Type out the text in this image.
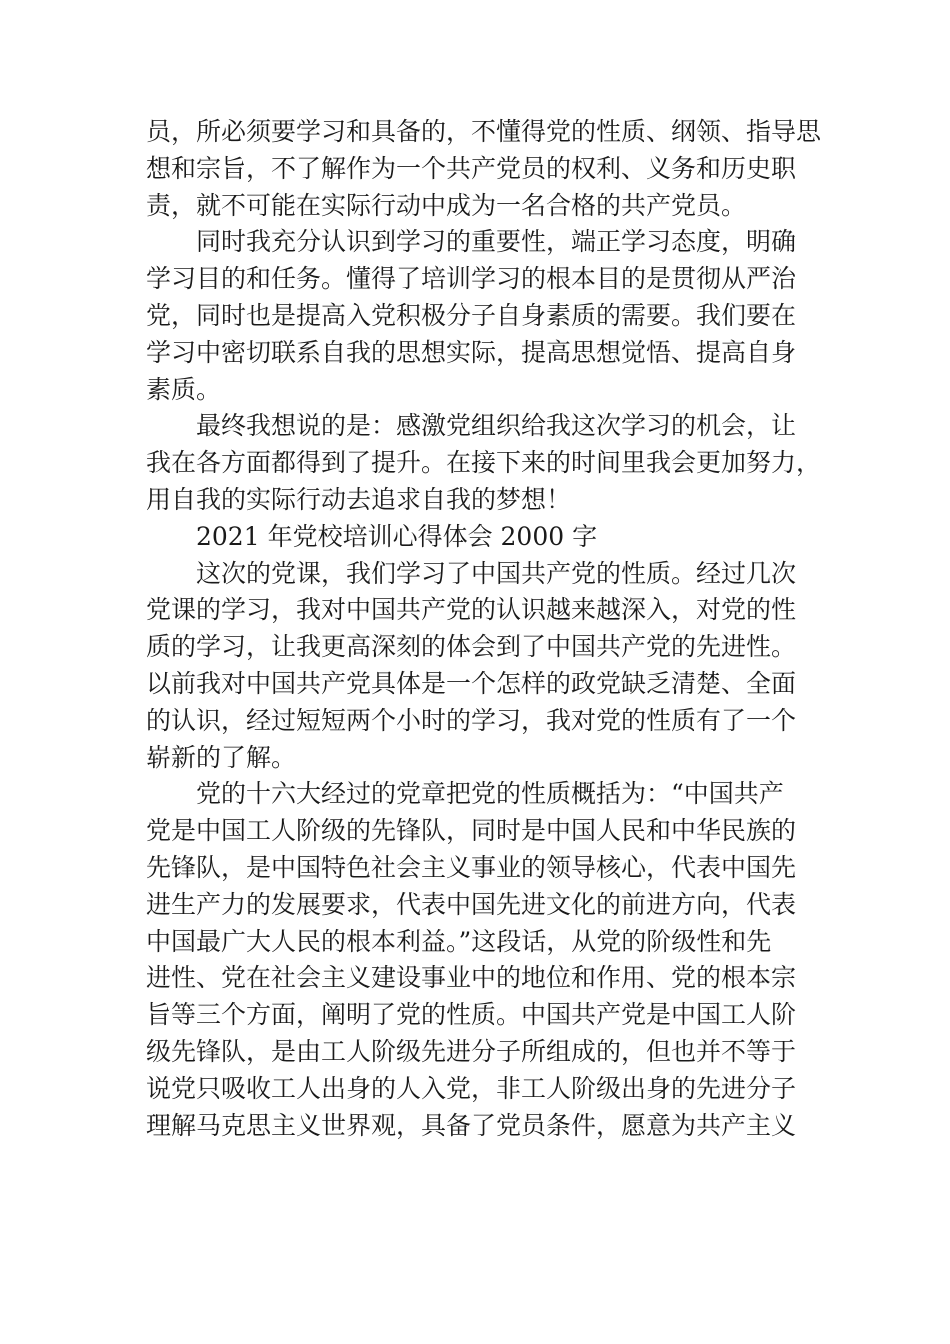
员，所必须要学习和具备的，不懂得党的性质、纲领、指导思
想和宗旨，不了解作为一个共产党员的权利、义务和历史职
责，就不可能在实际行动中成为一名合格的共产党员。
同时我充分认识到学习的重要性，端正学习态度，明确
学习目的和任务。懂得了培训学习的根本目的是贯彻从严治
党，同时也是提高入党积极分子自身素质的需要。我们要在
学习中密切联系自我的思想实际，提高思想觉悟、提高自身
素质。
最终我想说的是：感激党组织给我这次学习的机会，让
我在各方面都得到了提升。在接下来的时间里我会更加努力，
用自我的实际行动去追求自我的梦想！
2021 年党校培训心得体会 2000 字
这次的党课，我们学习了中国共产党的性质。经过几次
党课的学习，我对中国共产党的认识越来越深入，对党的性
质的学习，让我更高深刻的体会到了中国共产党的先进性。
以前我对中国共产党具体是一个怎样的政党缺乏清楚、全面
的认识，经过短短两个小时的学习，我对党的性质有了一个
崭新的了解。
党的十六大经过的党章把党的性质概括为：“中国共产
党是中国工人阶级的先锋队，同时是中国人民和中华民族的
先锋队，是中国特色社会主义事业的领导核心，代表中国先
进生产力的发展要求，代表中国先进文化的前进方向，代表
中国最广大人民的根本利益。”这段话，从党的阶级性和先
进性、党在社会主义建设事业中的地位和作用、党的根本宗
旨等三个方面，阐明了党的性质。中国共产党是中国工人阶
级先锋队，是由工人阶级先进分子所组成的，但也并不等于
说党只吸收工人出身的人入党，非工人阶级出身的先进分子
理解马克思主义世界观，具备了党员条件，愿意为共产主义
